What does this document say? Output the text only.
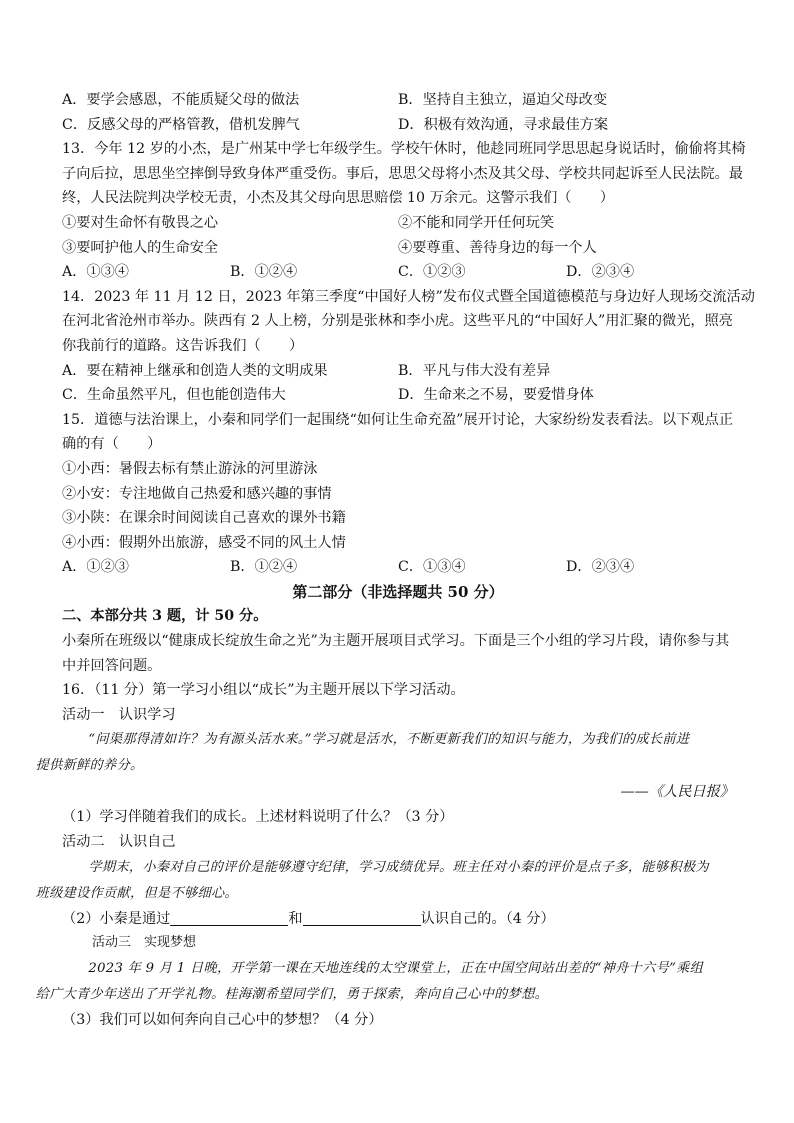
A．要学会感恩，不能质疑父母的做法	B．坚持自主独立，逼迫父母改变
C．反感父母的严格管教，借机发脾气	D．积极有效沟通，寻求最佳方案
13．今年 12 岁的小杰，是广州某中学七年级学生。学校午休时，他趁同班同学思思起身说话时，偷偷将其椅
子向后拉，思思坐空摔倒导致身体严重受伤。事后，思思父母将小杰及其父母、学校共同起诉至人民法院。最
终，人民法院判决学校无责，小杰及其父母向思思赔偿 10 万余元。这警示我们（　　）
①要对生命怀有敬畏之心	②不能和同学开任何玩笑
③要呵护他人的生命安全	④要尊重、善待身边的每一个人
A．①③④	B．①②④	C．①②③	D．②③④
14．2023 年 11 月 12 日，2023 年第三季度“中国好人榜”发布仪式暨全国道德模范与身边好人现场交流活动
在河北省沧州市举办。陕西有 2 人上榜，分别是张林和李小虎。这些平凡的“中国好人”用汇聚的微光，照亮
你我前行的道路。这告诉我们（　　）
A．要在精神上继承和创造人类的文明成果	B．平凡与伟大没有差异
C．生命虽然平凡，但也能创造伟大	D．生命来之不易，要爱惜身体
15．道德与法治课上，小秦和同学们一起围绕“如何让生命充盈”展开讨论，大家纷纷发表看法。以下观点正
确的有（　　）
①小西：暑假去标有禁止游泳的河里游泳
②小安：专注地做自己热爱和感兴趣的事情
③小陕：在课余时间阅读自己喜欢的课外书籍
④小西：假期外出旅游，感受不同的风土人情
A．①②③	B．①②④	C．①③④	D．②③④
第二部分（非选择题共 50 分）
二、本部分共 3 题，计 50 分。
小秦所在班级以“健康成长绽放生命之光”为主题开展项目式学习。下面是三个小组的学习片段，请你参与其
中并回答问题。
16．（11 分）第一学习小组以“成长”为主题开展以下学习活动。
活动一　认识学习
“问渠那得清如许？为有源头活水来。”学习就是活水，不断更新我们的知识与能力，为我们的成长前进
提供新鲜的养分。
——《人民日报》
（1）学习伴随着我们的成长。上述材料说明了什么？（3 分）
活动二　认识自己
学期末，小秦对自己的评价是能够遵守纪律，学习成绩优异。班主任对小秦的评价是点子多，能够积极为
班级建设作贡献，但是不够细心。
（2）小秦是通过	和	认识自己的。（4 分）
活动三　实现梦想
2023 年 9 月 1 日晚，开学第一课在天地连线的太空课堂上，正在中国空间站出差的“神舟十六号”乘组
给广大青少年送出了开学礼物。桂海潮希望同学们，勇于探索，奔向自己心中的梦想。
（3）我们可以如何奔向自己心中的梦想？（4 分）
